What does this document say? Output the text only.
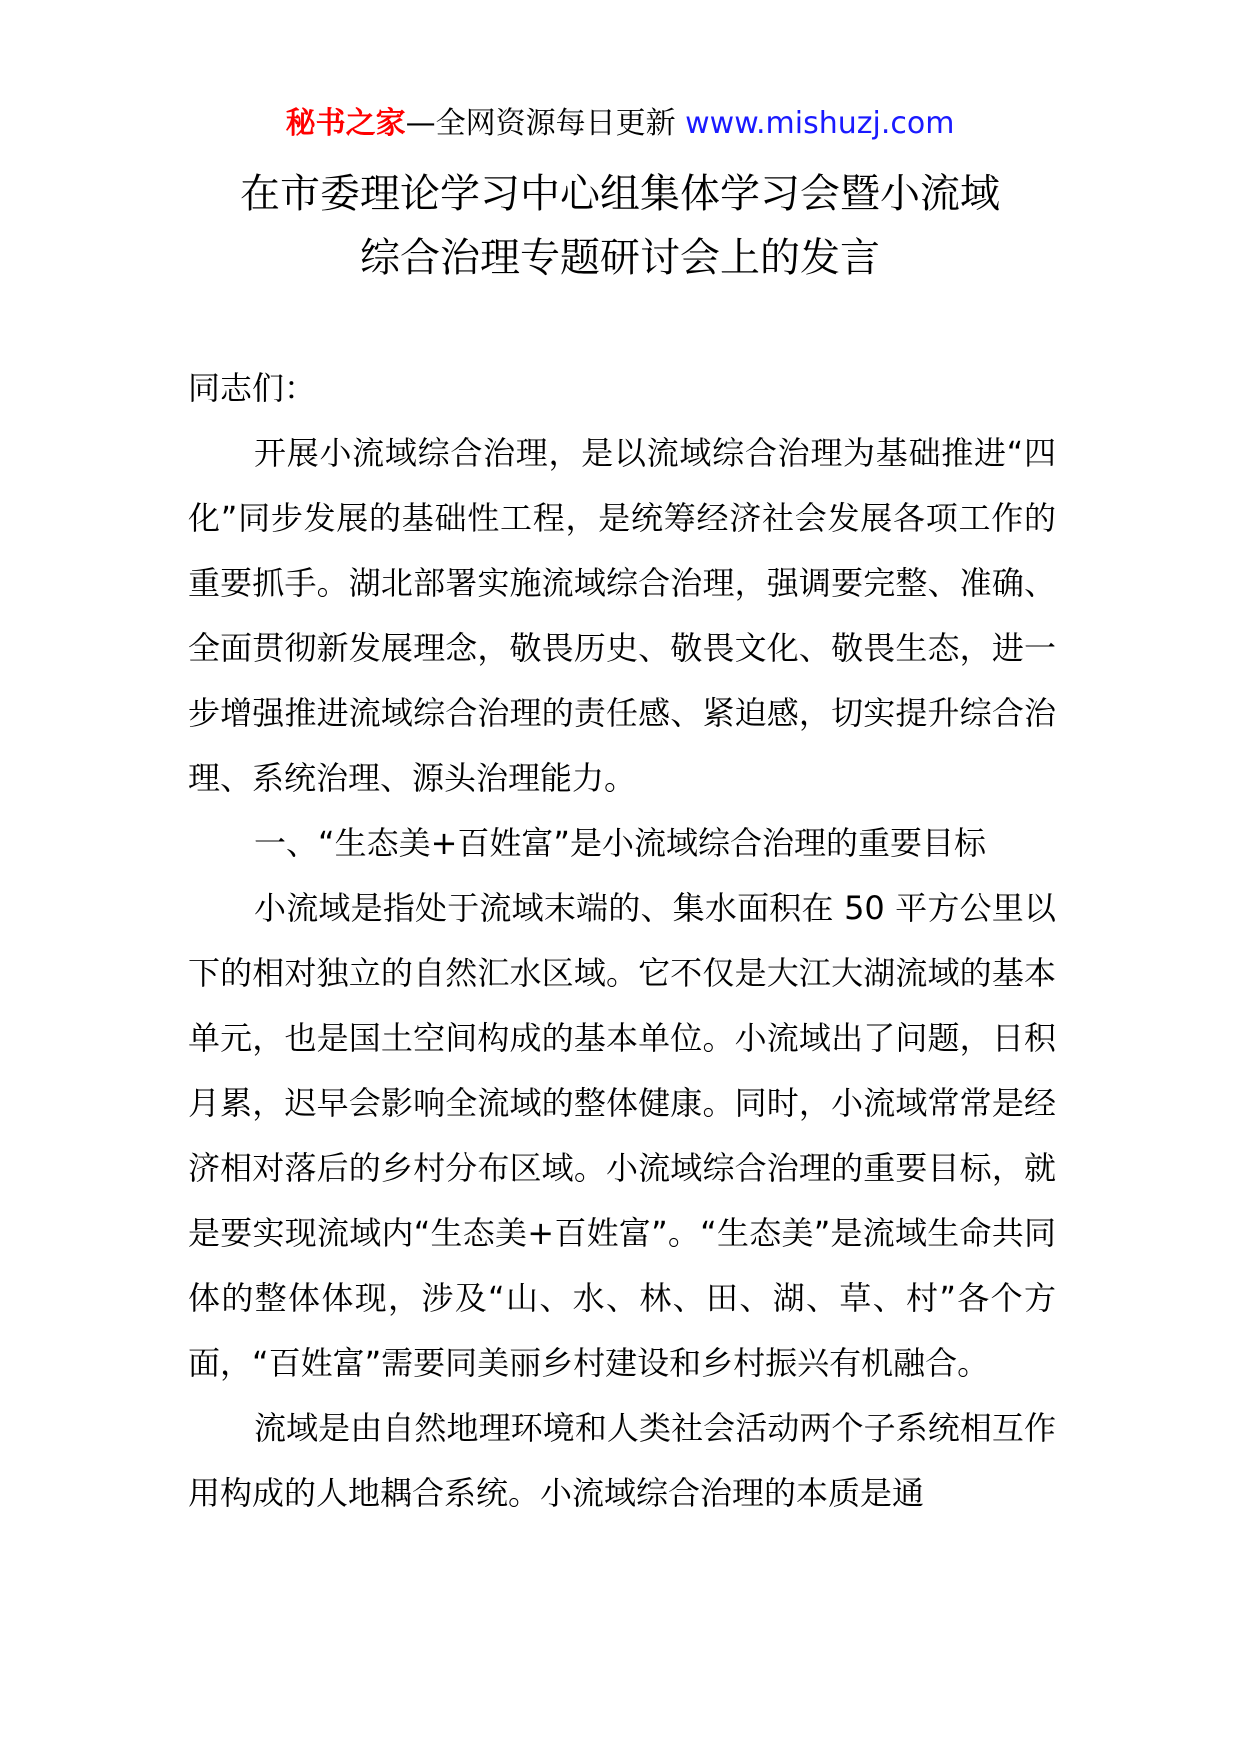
秘书之家—全网资源每日更新 www.mishuzj.com
在市委理论学习中心组集体学习会暨小流域
综合治理专题研讨会上的发言

同志们：

开展小流域综合治理，是以流域综合治理为基础推进“四化”同步发展的基础性工程，是统筹经济社会发展各项工作的重要抓手。湖北部署实施流域综合治理，强调要完整、准确、全面贯彻新发展理念，敬畏历史、敬畏文化、敬畏生态，进一步增强推进流域综合治理的责任感、紧迫感，切实提升综合治理、系统治理、源头治理能力。

一、“生态美+百姓富”是小流域综合治理的重要目标

小流域是指处于流域末端的、集水面积在 50 平方公里以下的相对独立的自然汇水区域。它不仅是大江大湖流域的基本单元，也是国土空间构成的基本单位。小流域出了问题，日积月累，迟早会影响全流域的整体健康。同时，小流域常常是经济相对落后的乡村分布区域。小流域综合治理的重要目标，就是要实现流域内“生态美+百姓富”。“生态美”是流域生命共同体的整体体现，涉及“山、水、林、田、湖、草、村”各个方面，“百姓富”需要同美丽乡村建设和乡村振兴有机融合。

流域是由自然地理环境和人类社会活动两个子系统相互作用构成的人地耦合系统。小流域综合治理的本质是通
